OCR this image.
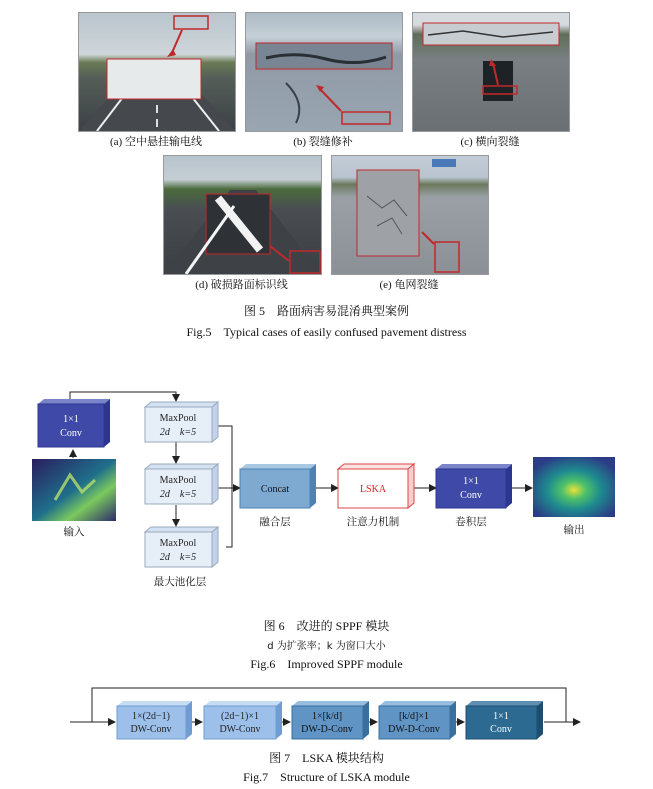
(a) 空中悬挂输电线	(b) 裂缝修补	(c) 横向裂缝
(d) 破损路面标识线	(e) 龟网裂缝
图 5　路面病害易混淆典型案例
Fig.5　Typical cases of easily confused pavement distress
1×1
Conv
MaxPool
2d　k=5
MaxPool
2d　k=5
MaxPool
2d　k=5
Concat	LSKA
1×1
Conv
输入
最大池化层
融合层	注意力机制	卷积层
输出
图 6　改进的 SPPF 模块
d 为扩张率；k 为窗口大小
Fig.6　Improved SPPF module
1×(2d−1)
DW-Conv
(2d−1)×1
DW-Conv
1×[k/d]
DW-D-Conv
[k/d]×1
DW-D-Conv
1×1
Conv
图 7　LSKA 模块结构
Fig.7　Structure of LSKA module
